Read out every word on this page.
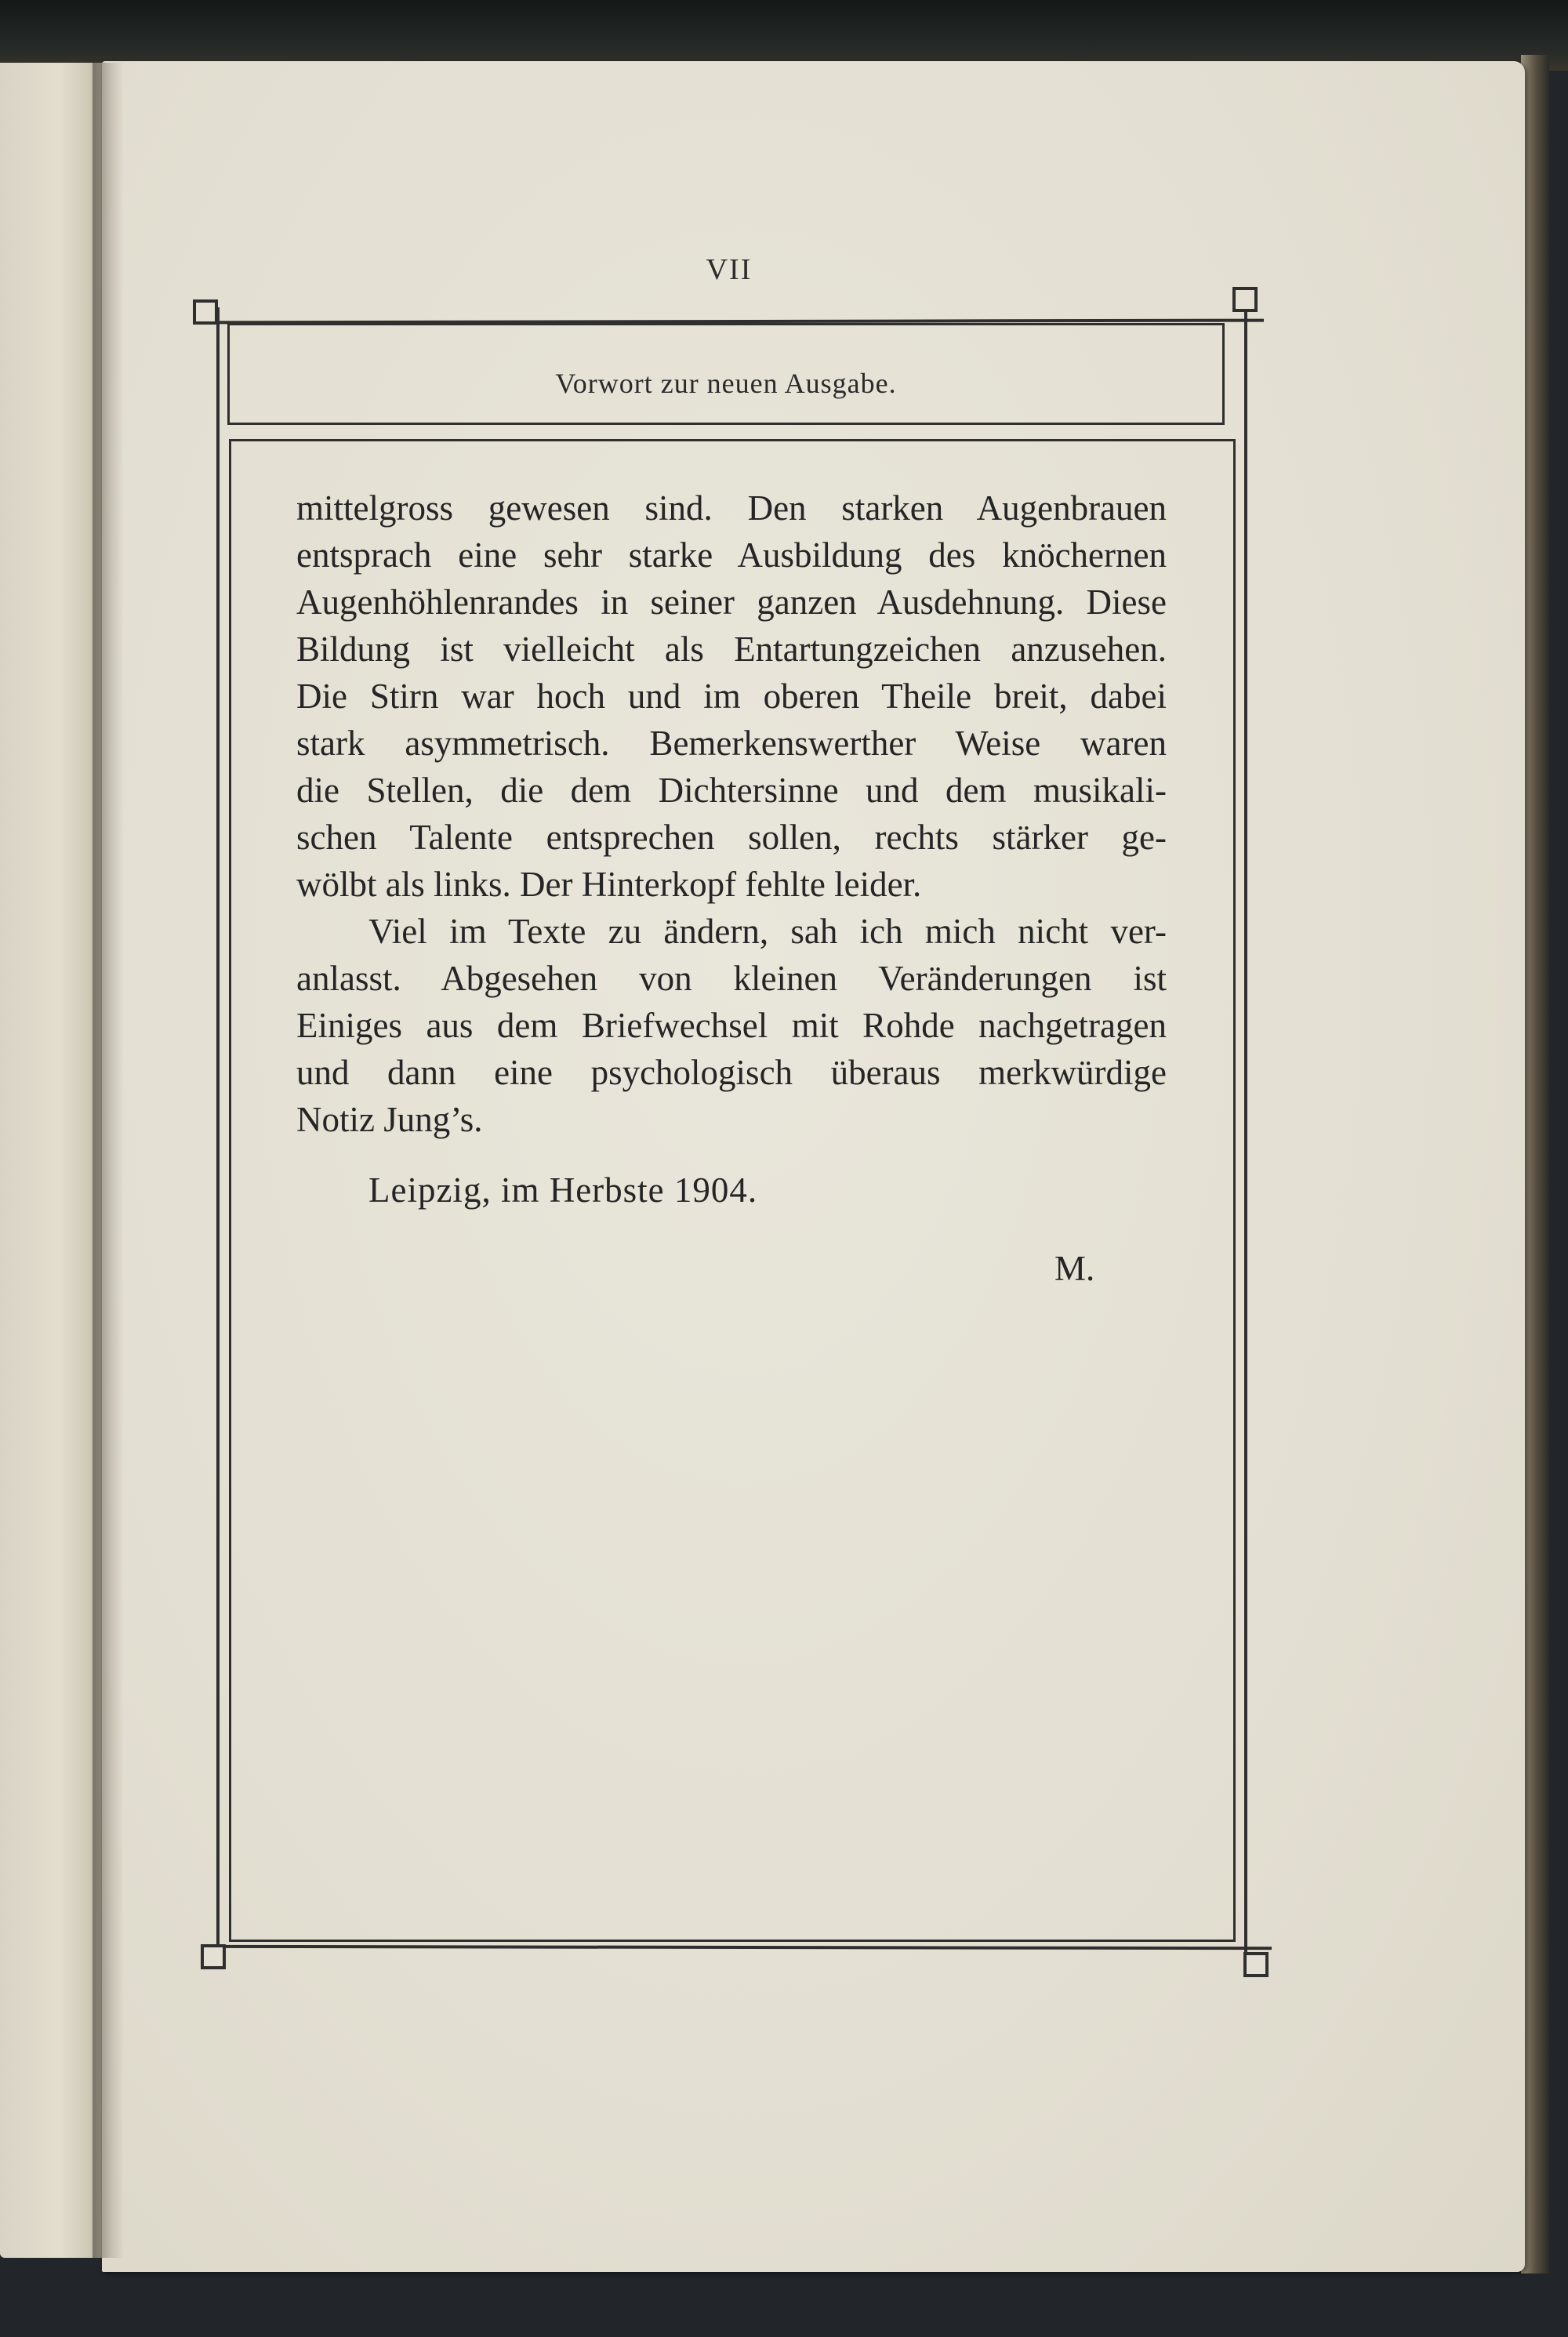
VII
Vorwort zur neuen Ausgabe.
mittelgross gewesen sind. Den starken Augenbrauen
entsprach eine sehr starke Ausbildung des knöchernen
Augenhöhlenrandes in seiner ganzen Ausdehnung. Diese
Bildung ist vielleicht als Entartungzeichen anzusehen.
Die Stirn war hoch und im oberen Theile breit, dabei
stark asymmetrisch. Bemerkenswerther Weise waren
die Stellen, die dem Dichtersinne und dem musikali-
schen Talente entsprechen sollen, rechts stärker ge-
wölbt als links. Der Hinterkopf fehlte leider.
Viel im Texte zu ändern, sah ich mich nicht ver-
anlasst. Abgesehen von kleinen Veränderungen ist
Einiges aus dem Briefwechsel mit Rohde nachgetragen
und dann eine psychologisch überaus merkwürdige
Notiz Jung’s.
Leipzig, im Herbste 1904.
M.
